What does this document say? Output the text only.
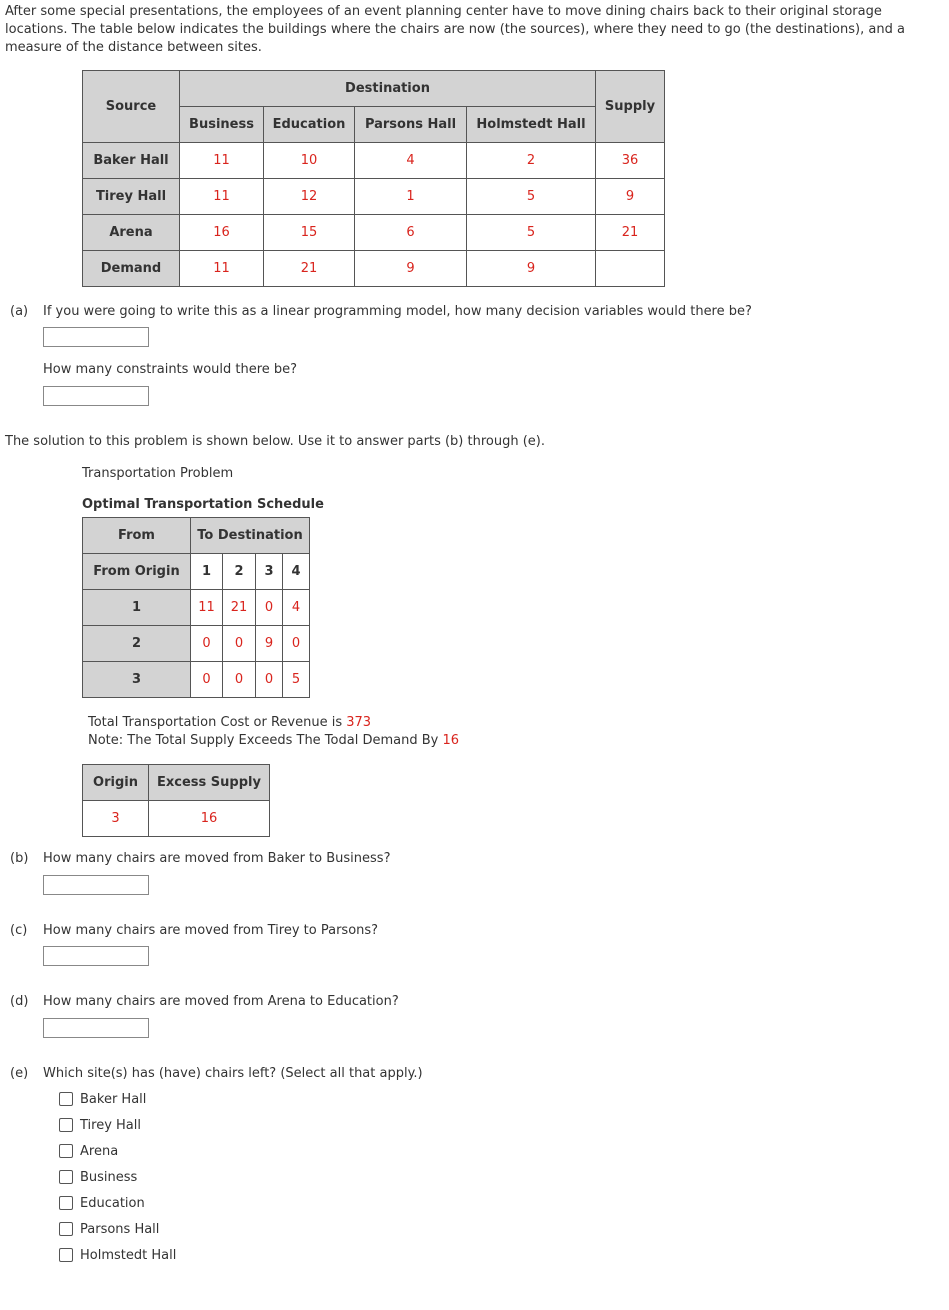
After some special presentations, the employees of an event planning center have to move dining chairs back to their original storage locations. The table below indicates the buildings where the chairs are now (the sources), where they need to go (the destinations), and a measure of the distance between sites.
Source	Destination				Supply
	Business	Education	Parsons Hall	Holmstedt Hall	
Baker Hall	11	10	4	2	36
Tirey Hall	11	12	1	5	9
Arena	16	15	6	5	21
Demand	11	21	9	9	
(a) If you were going to write this as a linear programming model, how many decision variables would there be?
How many constraints would there be?
The solution to this problem is shown below. Use it to answer parts (b) through (e).
Transportation Problem
Optimal Transportation Schedule
From	To Destination			
From Origin	1	2	3	4
1	11	21	0	4
2	0	0	9	0
3	0	0	0	5
Total Transportation Cost or Revenue is 373
Note: The Total Supply Exceeds The Todal Demand By 16
Origin	Excess Supply
3	16
(b) How many chairs are moved from Baker to Business?
(c) How many chairs are moved from Tirey to Parsons?
(d) How many chairs are moved from Arena to Education?
(e) Which site(s) has (have) chairs left? (Select all that apply.)
Baker Hall
Tirey Hall
Arena
Business
Education
Parsons Hall
Holmstedt Hall
